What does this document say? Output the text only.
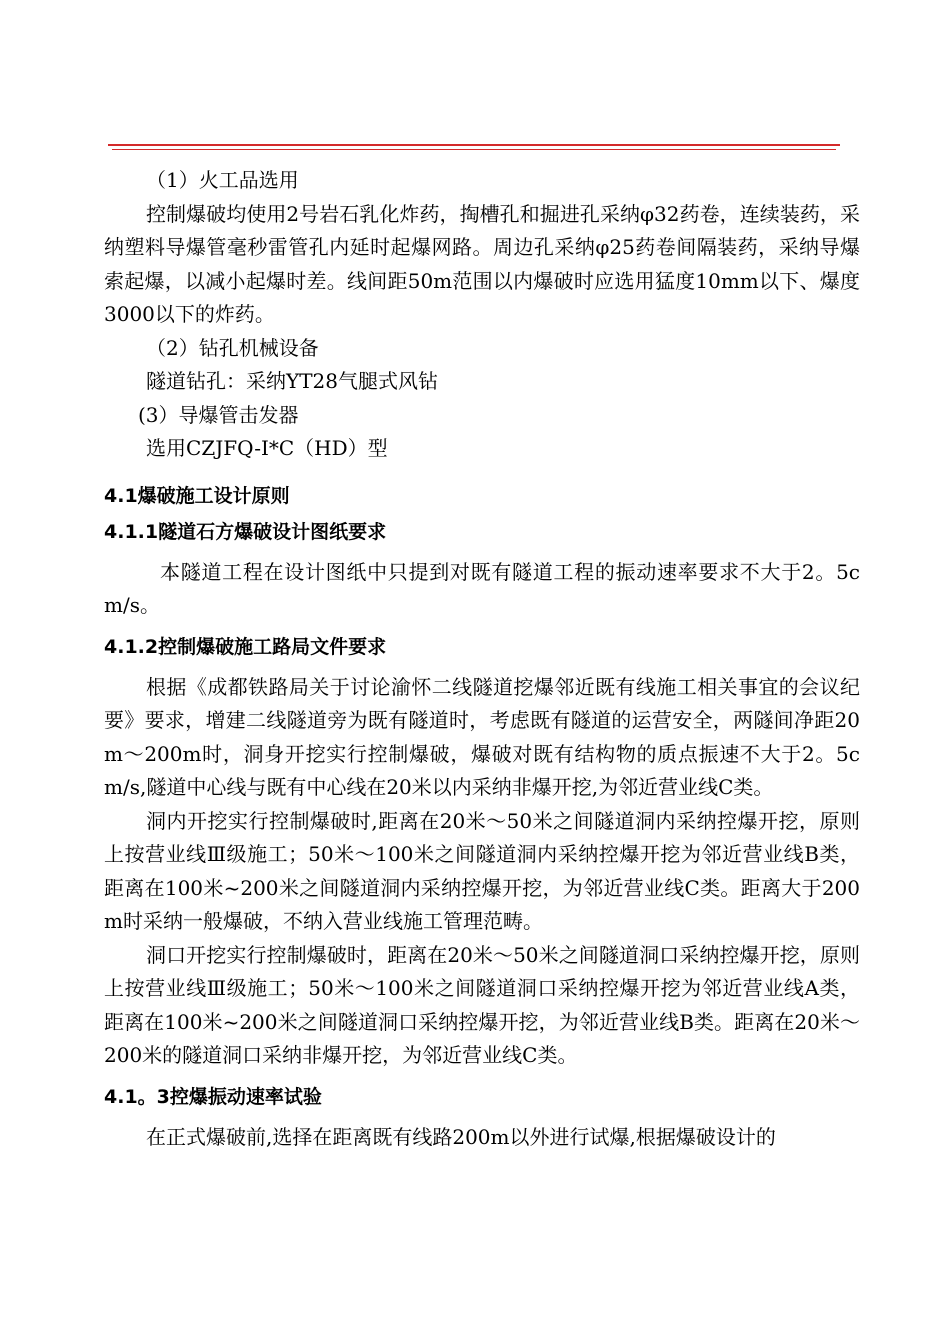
（1）火工品选用

控制爆破均使用2号岩石乳化炸药，掏槽孔和掘进孔采纳φ32药卷，连续装药，采纳塑料导爆管毫秒雷管孔内延时起爆网路。周边孔采纳φ25药卷间隔装药，采纳导爆索起爆，以减小起爆时差。线间距50m范围以内爆破时应选用猛度10mm以下、爆度3000以下的炸药。

（2）钻孔机械设备

隧道钻孔：采纳YT28气腿式风钻

(3）导爆管击发器

选用CZJFQ-I*C（HD）型

4.1爆破施工设计原则
4.1.1隧道石方爆破设计图纸要求

本隧道工程在设计图纸中只提到对既有隧道工程的振动速率要求不大于2。5cm/s。

4.1.2控制爆破施工路局文件要求

根据《成都铁路局关于讨论渝怀二线隧道挖爆邻近既有线施工相关事宜的会议纪要》要求，增建二线隧道旁为既有隧道时，考虑既有隧道的运营安全，两隧间净距20m～200m时，洞身开挖实行控制爆破，爆破对既有结构物的质点振速不大于2。5cm/s,隧道中心线与既有中心线在20米以内采纳非爆开挖,为邻近营业线C类。

洞内开挖实行控制爆破时,距离在20米～50米之间隧道洞内采纳控爆开挖，原则上按营业线Ⅲ级施工；50米～100米之间隧道洞内采纳控爆开挖为邻近营业线B类，距离在100米~200米之间隧道洞内采纳控爆开挖，为邻近营业线C类。距离大于200m时采纳一般爆破，不纳入营业线施工管理范畴。

洞口开挖实行控制爆破时，距离在20米～50米之间隧道洞口采纳控爆开挖，原则上按营业线Ⅲ级施工；50米～100米之间隧道洞口采纳控爆开挖为邻近营业线A类，距离在100米~200米之间隧道洞口采纳控爆开挖，为邻近营业线B类。距离在20米～200米的隧道洞口采纳非爆开挖，为邻近营业线C类。

4.1。3控爆振动速率试验

在正式爆破前,选择在距离既有线路200m以外进行试爆,根据爆破设计的
